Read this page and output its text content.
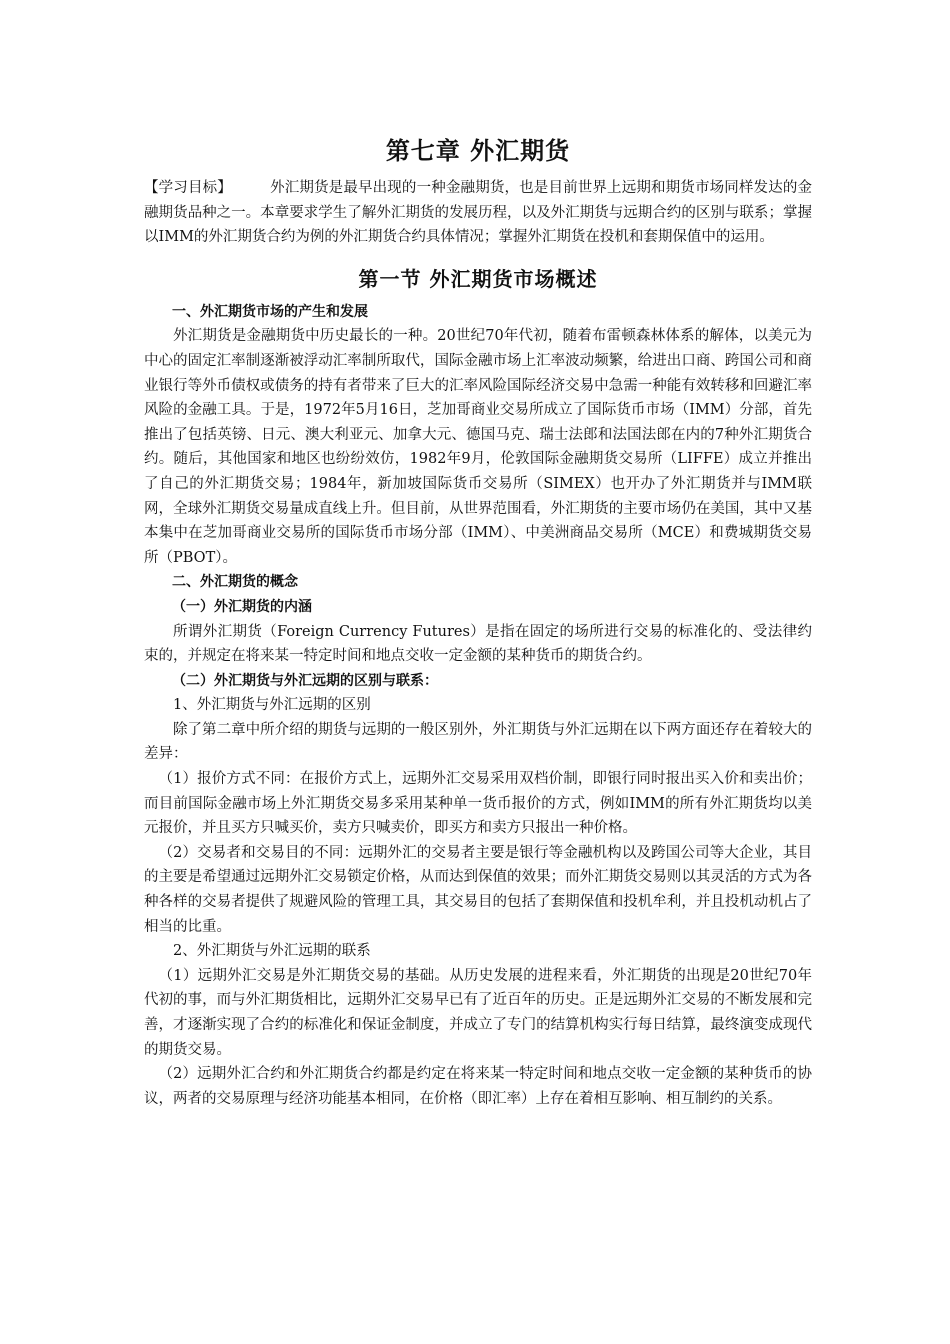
第七章 外汇期货

【学习目标】	外汇期货是最早出现的一种金融期货，也是目前世界上远期和期货市场同样发达的金融期货品种之一。本章要求学生了解外汇期货的发展历程，以及外汇期货与远期合约的区别与联系；掌握以IMM的外汇期货合约为例的外汇期货合约具体情况；掌握外汇期货在投机和套期保值中的运用。

第一节 外汇期货市场概述
一、外汇期货市场的产生和发展

外汇期货是金融期货中历史最长的一种。20世纪70年代初，随着布雷顿森林体系的解体，以美元为中心的固定汇率制逐渐被浮动汇率制所取代，国际金融市场上汇率波动频繁，给进出口商、跨国公司和商业银行等外币债权或债务的持有者带来了巨大的汇率风险国际经济交易中急需一种能有效转移和回避汇率风险的金融工具。于是，1972年5月16日，芝加哥商业交易所成立了国际货币市场（IMM）分部，首先推出了包括英镑、日元、澳大利亚元、加拿大元、德国马克、瑞士法郎和法国法郎在内的7种外汇期货合约。随后，其他国家和地区也纷纷效仿，1982年9月，伦敦国际金融期货交易所（LIFFE）成立并推出了自己的外汇期货交易；1984年，新加坡国际货币交易所（SIMEX）也开办了外汇期货并与IMM联网，全球外汇期货交易量成直线上升。但目前，从世界范围看，外汇期货的主要市场仍在美国，其中又基本集中在芝加哥商业交易所的国际货币市场分部（IMM）、中美洲商品交易所（MCE）和费城期货交易所（PBOT）。

二、外汇期货的概念
（一）外汇期货的内涵

所谓外汇期货（Foreign Currency Futures）是指在固定的场所进行交易的标准化的、受法律约束的，并规定在将来某一特定时间和地点交收一定金额的某种货币的期货合约。

（二）外汇期货与外汇远期的区别与联系：
1、外汇期货与外汇远期的区别

除了第二章中所介绍的期货与远期的一般区别外，外汇期货与外汇远期在以下两方面还存在着较大的差异：

（1）报价方式不同：在报价方式上，远期外汇交易采用双档价制，即银行同时报出买入价和卖出价；而目前国际金融市场上外汇期货交易多采用某种单一货币报价的方式，例如IMM的所有外汇期货均以美元报价，并且买方只喊买价，卖方只喊卖价，即买方和卖方只报出一种价格。

（2）交易者和交易目的不同：远期外汇的交易者主要是银行等金融机构以及跨国公司等大企业，其目的主要是希望通过远期外汇交易锁定价格，从而达到保值的效果；而外汇期货交易则以其灵活的方式为各种各样的交易者提供了规避风险的管理工具，其交易目的包括了套期保值和投机牟利，并且投机动机占了相当的比重。

2、外汇期货与外汇远期的联系

（1）远期外汇交易是外汇期货交易的基础。从历史发展的进程来看，外汇期货的出现是20世纪70年代初的事，而与外汇期货相比，远期外汇交易早已有了近百年的历史。正是远期外汇交易的不断发展和完善，才逐渐实现了合约的标准化和保证金制度，并成立了专门的结算机构实行每日结算，最终演变成现代的期货交易。

（2）远期外汇合约和外汇期货合约都是约定在将来某一特定时间和地点交收一定金额的某种货币的协议，两者的交易原理与经济功能基本相同，在价格（即汇率）上存在着相互影响、相互制约的关系。
